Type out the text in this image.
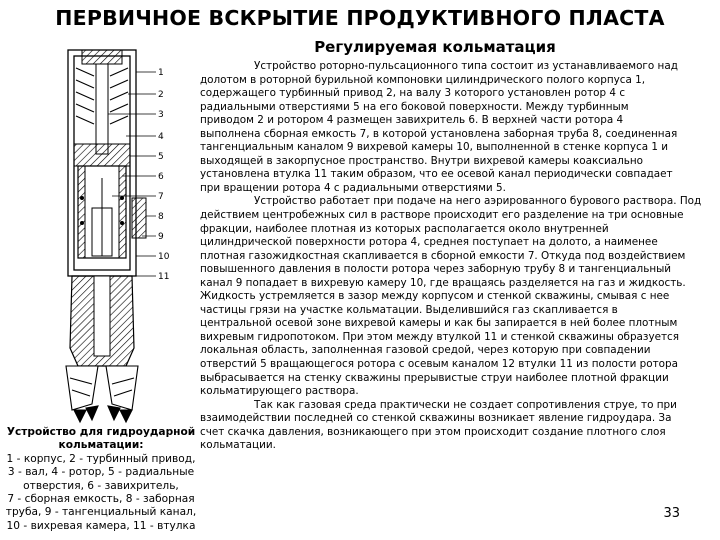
ПЕРВИЧНОЕ ВСКРЫТИЕ ПРОДУКТИВНОГО ПЛАСТА
Регулируемая кольматация
1
2
3
4
5
6
7
8
9
10
11
Устройство для гидроударной
кольматации:
1 - корпус, 2 - турбинный привод,
3 - вал, 4 - ротор, 5 - радиальные
отверстия, 6 - завихритель,
7 - сборная емкость, 8 - заборная
труба, 9 - тангенциальный канал,
10 - вихревая камера, 11 - втулка
Устройство роторно-пульсационного типа состоит из устанавливаемого над
долотом в роторной бурильной компоновки цилиндрического полого корпуса 1,
содержащего турбинный привод 2, на валу 3 которого установлен ротор 4 с
радиальными отверстиями 5 на его боковой поверхности. Между турбинным
приводом 2 и ротором 4 размещен завихритель 6. В верхней части ротора 4
выполнена сборная емкость 7, в которой установлена заборная труба 8, соединенная
тангенциальным каналом 9 вихревой камеры 10, выполненной в стенке корпуса 1 и
выходящей в закорпусное пространство. Внутри вихревой камеры коаксиально
установлена втулка 11 таким образом, что ее осевой канал периодически совпадает
при вращении ротора 4 с радиальными отверстиями 5.
Устройство работает при подаче на него аэрированного бурового раствора. Под
действием центробежных сил в растворе происходит его разделение на три основные
фракции, наиболее плотная из которых располагается около внутренней
цилиндрической поверхности ротора 4, среднея поступает на долото, а наименее
плотная газожидкостная скапливается в сборной емкости 7. Откуда под воздействием
повышенного давления в полости ротора через заборную трубу 8 и тангенциальный
канал 9 попадает в вихревую камеру 10, где вращаясь разделяется на газ и жидкость.
Жидкость устремляется в зазор между корпусом и стенкой скважины, смывая с нее
частицы грязи на участке кольматации. Выделившийся газ скапливается в
центральной осевой зоне вихревой камеры и как бы запирается в ней более плотным
вихревым гидропотоком. При этом между втулкой 11 и стенкой скважины образуется
локальная область, заполненная газовой средой, через которую при совпадении
отверстий 5 вращающегося ротора с осевым каналом 12 втулки 11 из полости ротора
выбрасывается на стенку скважины прерывистые струи наиболее плотной фракции
кольматирующего раствора.
Так как газовая среда практически не создает сопротивления струе, то при
взаимодействии последней со стенкой скважины возникает явление гидроудара. За
счет скачка давления, возникающего при этом происходит создание плотного слоя
кольматации.
33
